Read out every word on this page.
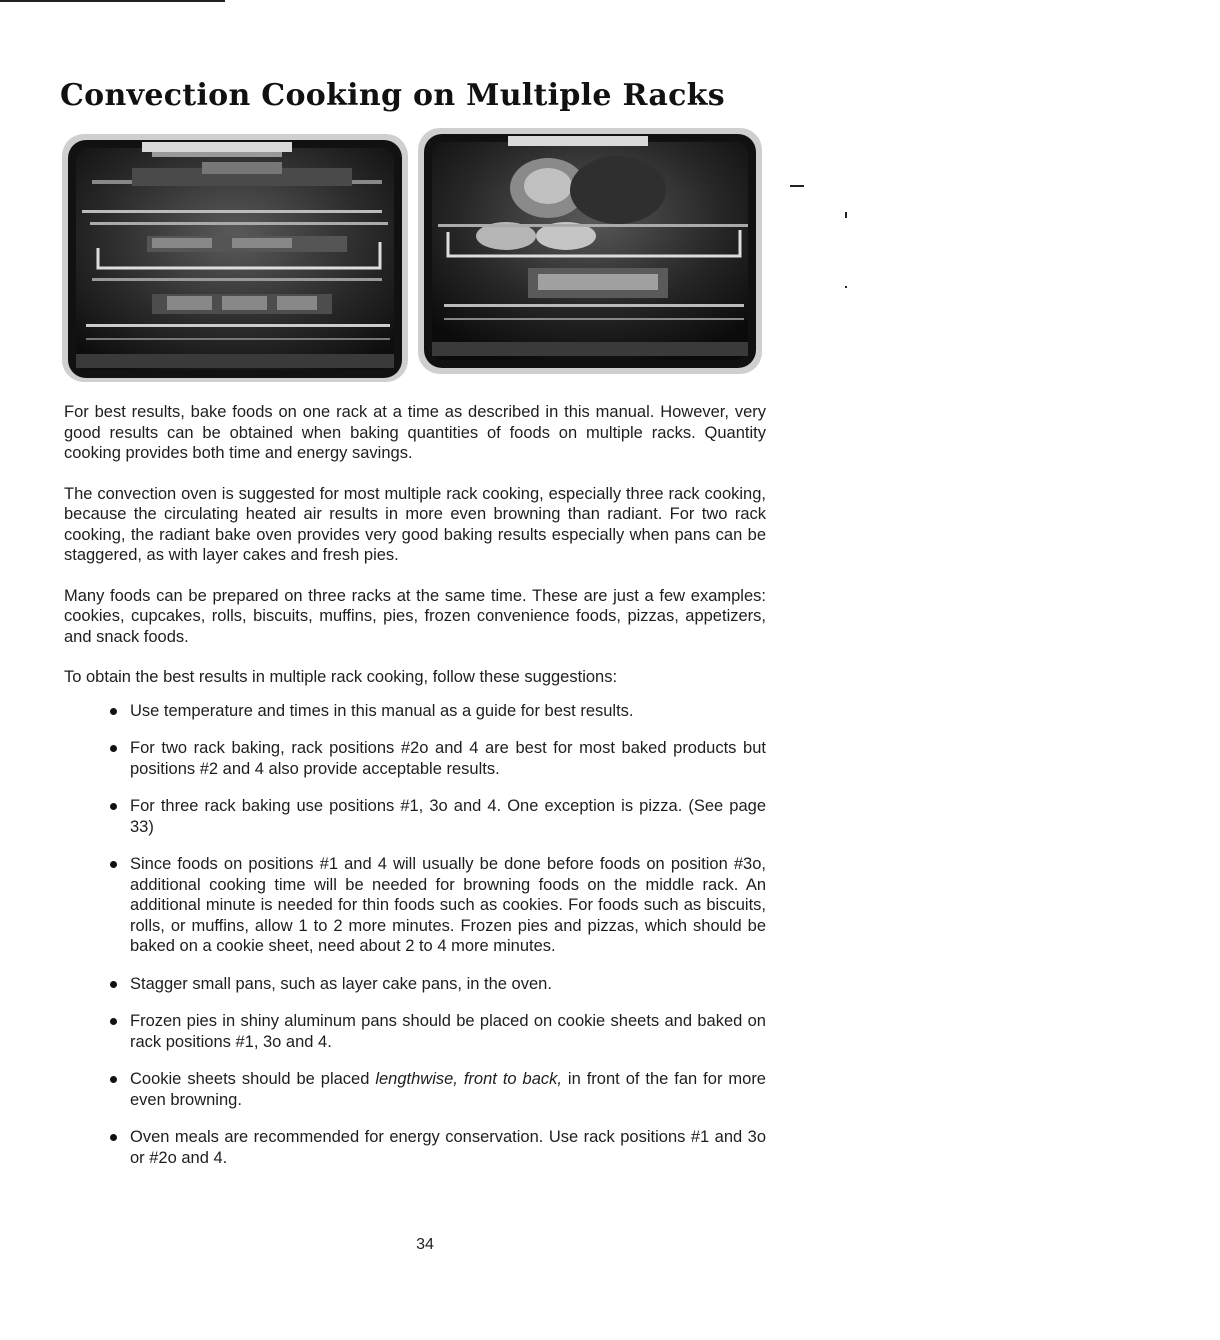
Convection Cooking on Multiple Racks

For best results, bake foods on one rack at a time as described in this manual. However, very good results can be obtained when baking quantities of foods on multiple racks. Quantity cooking provides both time and energy savings.

The convection oven is suggested for most multiple rack cooking, especially three rack cooking, because the circulating heated air results in more even browning than radiant. For two rack cooking, the radiant bake oven provides very good baking results especially when pans can be staggered, as with layer cakes and fresh pies.

Many foods can be prepared on three racks at the same time. These are just a few examples: cookies, cupcakes, rolls, biscuits, muffins, pies, frozen convenience foods, pizzas, appetizers, and snack foods.

To obtain the best results in multiple rack cooking, follow these suggestions:

Use temperature and times in this manual as a guide for best results.
For two rack baking, rack positions #2o and 4 are best for most baked products but positions #2 and 4 also provide acceptable results.
For three rack baking use positions #1, 3o and 4. One exception is pizza. (See page 33)
Since foods on positions #1 and 4 will usually be done before foods on position #3o, additional cooking time will be needed for browning foods on the middle rack. An additional minute is needed for thin foods such as cookies. For foods such as biscuits, rolls, or muffins, allow 1 to 2 more minutes. Frozen pies and pizzas, which should be baked on a cookie sheet, need about 2 to 4 more minutes.
Stagger small pans, such as layer cake pans, in the oven.
Frozen pies in shiny aluminum pans should be placed on cookie sheets and baked on rack positions #1, 3o and 4.
Cookie sheets should be placed lengthwise, front to back, in front of the fan for more even browning.
Oven meals are recommended for energy conservation. Use rack positions #1 and 3o or #2o and 4.
34
